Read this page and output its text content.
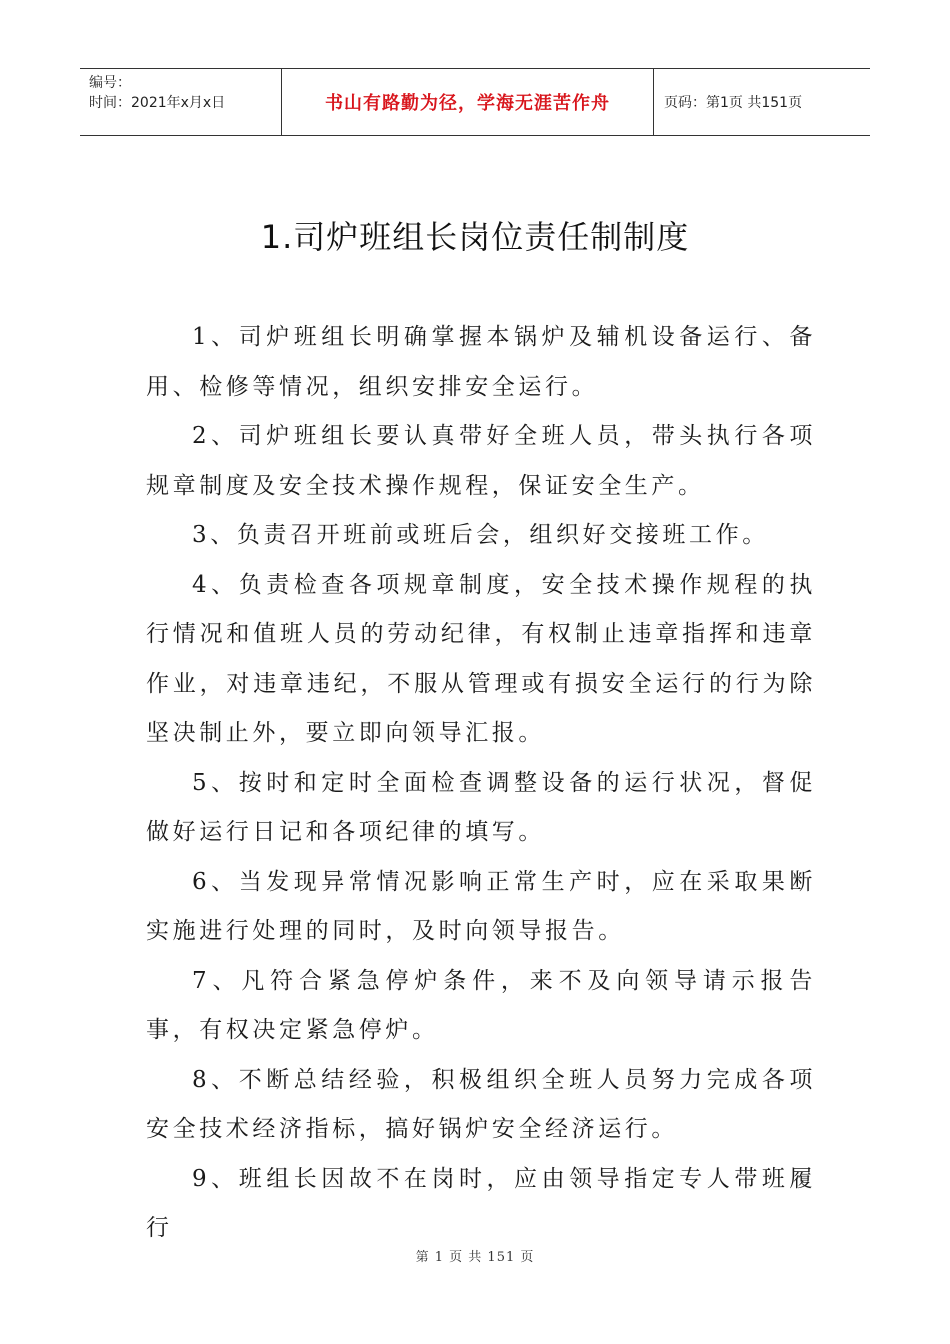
编号：
时间：2021年x月x日	书山有路勤为径，学海无涯苦作舟	页码：第1页 共151页
1.司炉班组长岗位责任制制度

1、司炉班组长明确掌握本锅炉及辅机设备运行、备用、检修等情况，组织安排安全运行。

2、司炉班组长要认真带好全班人员，带头执行各项规章制度及安全技术操作规程，保证安全生产。

3、负责召开班前或班后会，组织好交接班工作。

4、负责检查各项规章制度，安全技术操作规程的执行情况和值班人员的劳动纪律，有权制止违章指挥和违章作业，对违章违纪，不服从管理或有损安全运行的行为除坚决制止外，要立即向领导汇报。

5、按时和定时全面检查调整设备的运行状况，督促做好运行日记和各项纪律的填写。

6、当发现异常情况影响正常生产时，应在采取果断实施进行处理的同时，及时向领导报告。

7、凡符合紧急停炉条件，来不及向领导请示报告事，有权决定紧急停炉。

8、不断总结经验，积极组织全班人员努力完成各项安全技术经济指标，搞好锅炉安全经济运行。

9、班组长因故不在岗时，应由领导指定专人带班履行

第 1 页 共 151 页
